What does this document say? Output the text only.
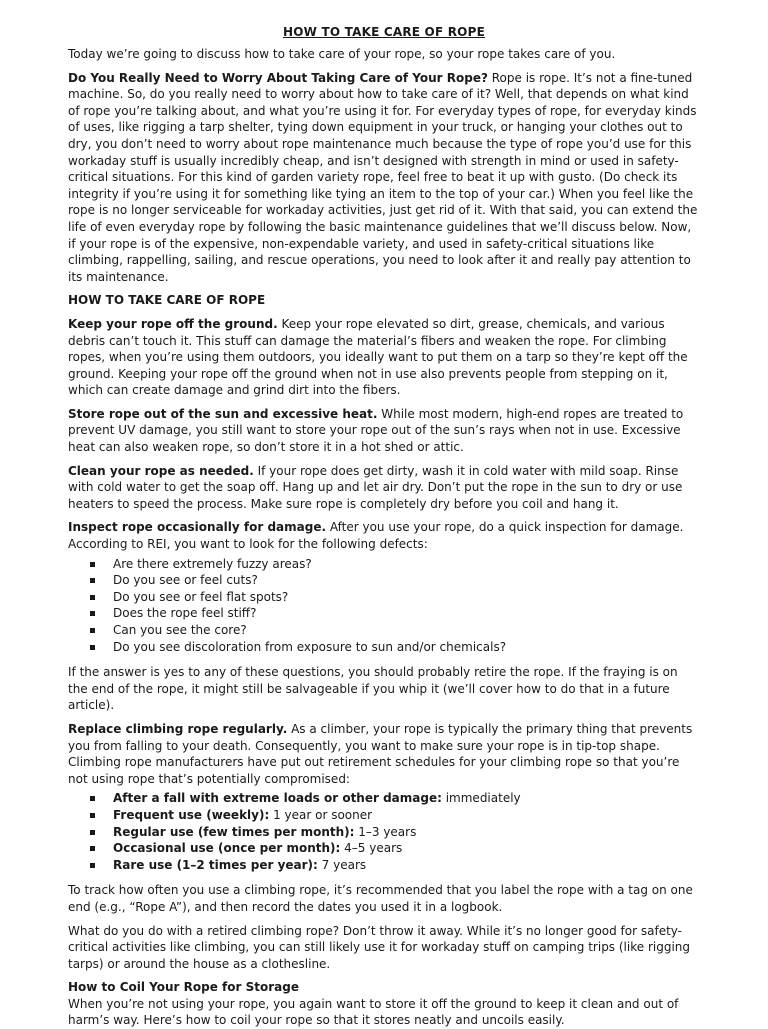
HOW TO TAKE CARE OF ROPE

Today we’re going to discuss how to take care of your rope, so your rope takes care of you.

Do You Really Need to Worry About Taking Care of Your Rope? Rope is rope. It’s not a fine-tuned machine. So, do you really need to worry about how to take care of it? Well, that depends on what kind of rope you’re talking about, and what you’re using it for. For everyday types of rope, for everyday kinds of uses, like rigging a tarp shelter, tying down equipment in your truck, or hanging your clothes out to dry, you don’t need to worry about rope maintenance much because the type of rope you’d use for this workaday stuff is usually incredibly cheap, and isn’t designed with strength in mind or used in safety-critical situations. For this kind of garden variety rope, feel free to beat it up with gusto. (Do check its integrity if you’re using it for something like tying an item to the top of your car.) When you feel like the rope is no longer serviceable for workaday activities, just get rid of it. With that said, you can extend the life of even everyday rope by following the basic maintenance guidelines that we’ll discuss below. Now, if your rope is of the expensive, non-expendable variety, and used in safety-critical situations like climbing, rappelling, sailing, and rescue operations, you need to look after it and really pay attention to its maintenance.

HOW TO TAKE CARE OF ROPE

Keep your rope off the ground. Keep your rope elevated so dirt, grease, chemicals, and various debris can’t touch it. This stuff can damage the material’s fibers and weaken the rope. For climbing ropes, when you’re using them outdoors, you ideally want to put them on a tarp so they’re kept off the ground. Keeping your rope off the ground when not in use also prevents people from stepping on it, which can create damage and grind dirt into the fibers.

Store rope out of the sun and excessive heat. While most modern, high-end ropes are treated to prevent UV damage, you still want to store your rope out of the sun’s rays when not in use. Excessive heat can also weaken rope, so don’t store it in a hot shed or attic.

Clean your rope as needed. If your rope does get dirty, wash it in cold water with mild soap. Rinse with cold water to get the soap off. Hang up and let air dry. Don’t put the rope in the sun to dry or use heaters to speed the process. Make sure rope is completely dry before you coil and hang it.

Inspect rope occasionally for damage. After you use your rope, do a quick inspection for damage. According to REI, you want to look for the following defects:

Are there extremely fuzzy areas?
Do you see or feel cuts?
Do you see or feel flat spots?
Does the rope feel stiff?
Can you see the core?
Do you see discoloration from exposure to sun and/or chemicals?

If the answer is yes to any of these questions, you should probably retire the rope. If the fraying is on the end of the rope, it might still be salvageable if you whip it (we’ll cover how to do that in a future article).

Replace climbing rope regularly. As a climber, your rope is typically the primary thing that prevents you from falling to your death. Consequently, you want to make sure your rope is in tip-top shape. Climbing rope manufacturers have put out retirement schedules for your climbing rope so that you’re not using rope that’s potentially compromised:

After a fall with extreme loads or other damage: immediately
Frequent use (weekly): 1 year or sooner
Regular use (few times per month): 1–3 years
Occasional use (once per month): 4–5 years
Rare use (1–2 times per year): 7 years

To track how often you use a climbing rope, it’s recommended that you label the rope with a tag on one end (e.g., “Rope A”), and then record the dates you used it in a logbook.

What do you do with a retired climbing rope? Don’t throw it away. While it’s no longer good for safety-critical activities like climbing, you can still likely use it for workaday stuff on camping trips (like rigging tarps) or around the house as a clothesline.

How to Coil Your Rope for Storage

When you’re not using your rope, you again want to store it off the ground to keep it clean and out of harm’s way. Here’s how to coil your rope so that it stores neatly and uncoils easily.
